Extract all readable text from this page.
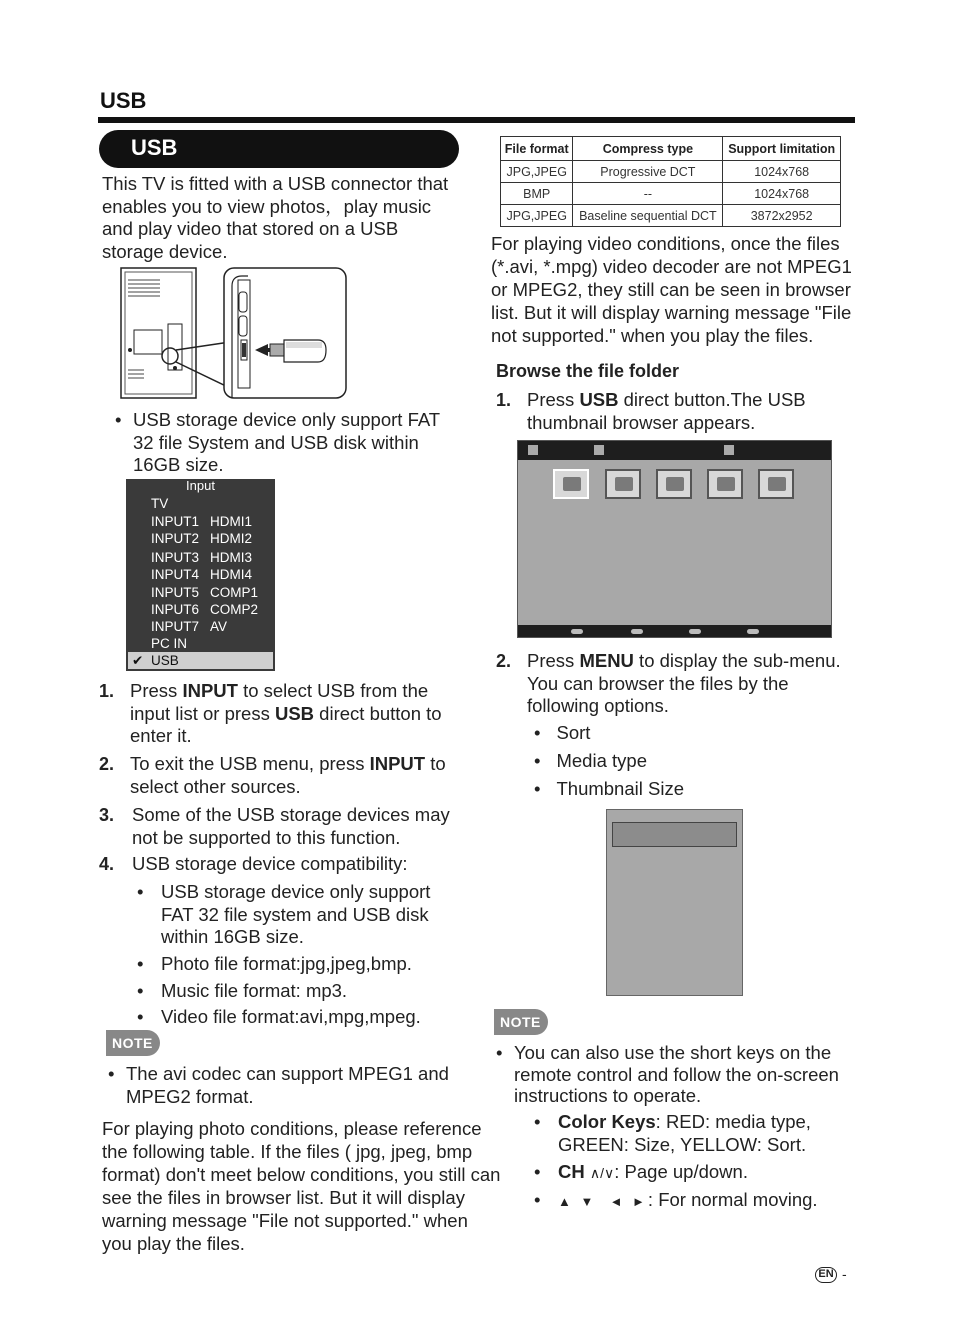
USB
USB
This TV is fitted with a USB connector that enables you to view photos，play music and play video that stored on a USB storage device.
• USB storage device only support FAT 32 file System and USB disk within 16GB size.
Input
TV
INPUT1 HDMI1
INPUT2 HDMI2
INPUT3 HDMI3
INPUT4 HDMI4
INPUT5 COMP1
INPUT6 COMP2
INPUT7 AV
PC IN
✔ USB
1. Press INPUT to select USB from the input list or press USB direct button to enter it.
2. To exit the USB menu, press INPUT to select other sources.
3. Some of the USB storage devices may not be supported to this function.
4. USB storage device compatibility:
• USB storage device only support FAT 32 file system and USB disk within 16GB size.
• Photo file format:jpg,jpeg,bmp.
• Music file format: mp3.
• Video file format:avi,mpg,mpeg.
NOTE
• The avi codec can support MPEG1 and MPEG2 format.
For playing photo conditions, please reference the following table. If the files ( jpg, jpeg, bmp format) don't meet below conditions, you still can see the files in browser list. But it will display warning message "File not supported." when you play the files.
File format	Compress type	Support limitation
JPG,JPEG	Progressive DCT	1024x768
BMP	--	1024x768
JPG,JPEG	Baseline sequential DCT	3872x2952
For playing video conditions, once the files (*.avi, *.mpg) video decoder are not MPEG1 or MPEG2, they still can be seen in browser list. But it will display warning message "File not supported." when you play the files.
Browse the file folder
1. Press USB direct button.The USB thumbnail browser appears.
2. Press MENU to display the sub-menu. You can browser the files by the following options.
• Sort
• Media type
• Thumbnail Size
NOTE
• You can also use the short keys on the remote control and follow the on-screen instructions to operate.
• Color Keys: RED: media type, GREEN: Size, YELLOW: Sort.
• CH ∧/∨: Page up/down.
•	▲ ▼  ◄ ►: For normal moving.
EN -
